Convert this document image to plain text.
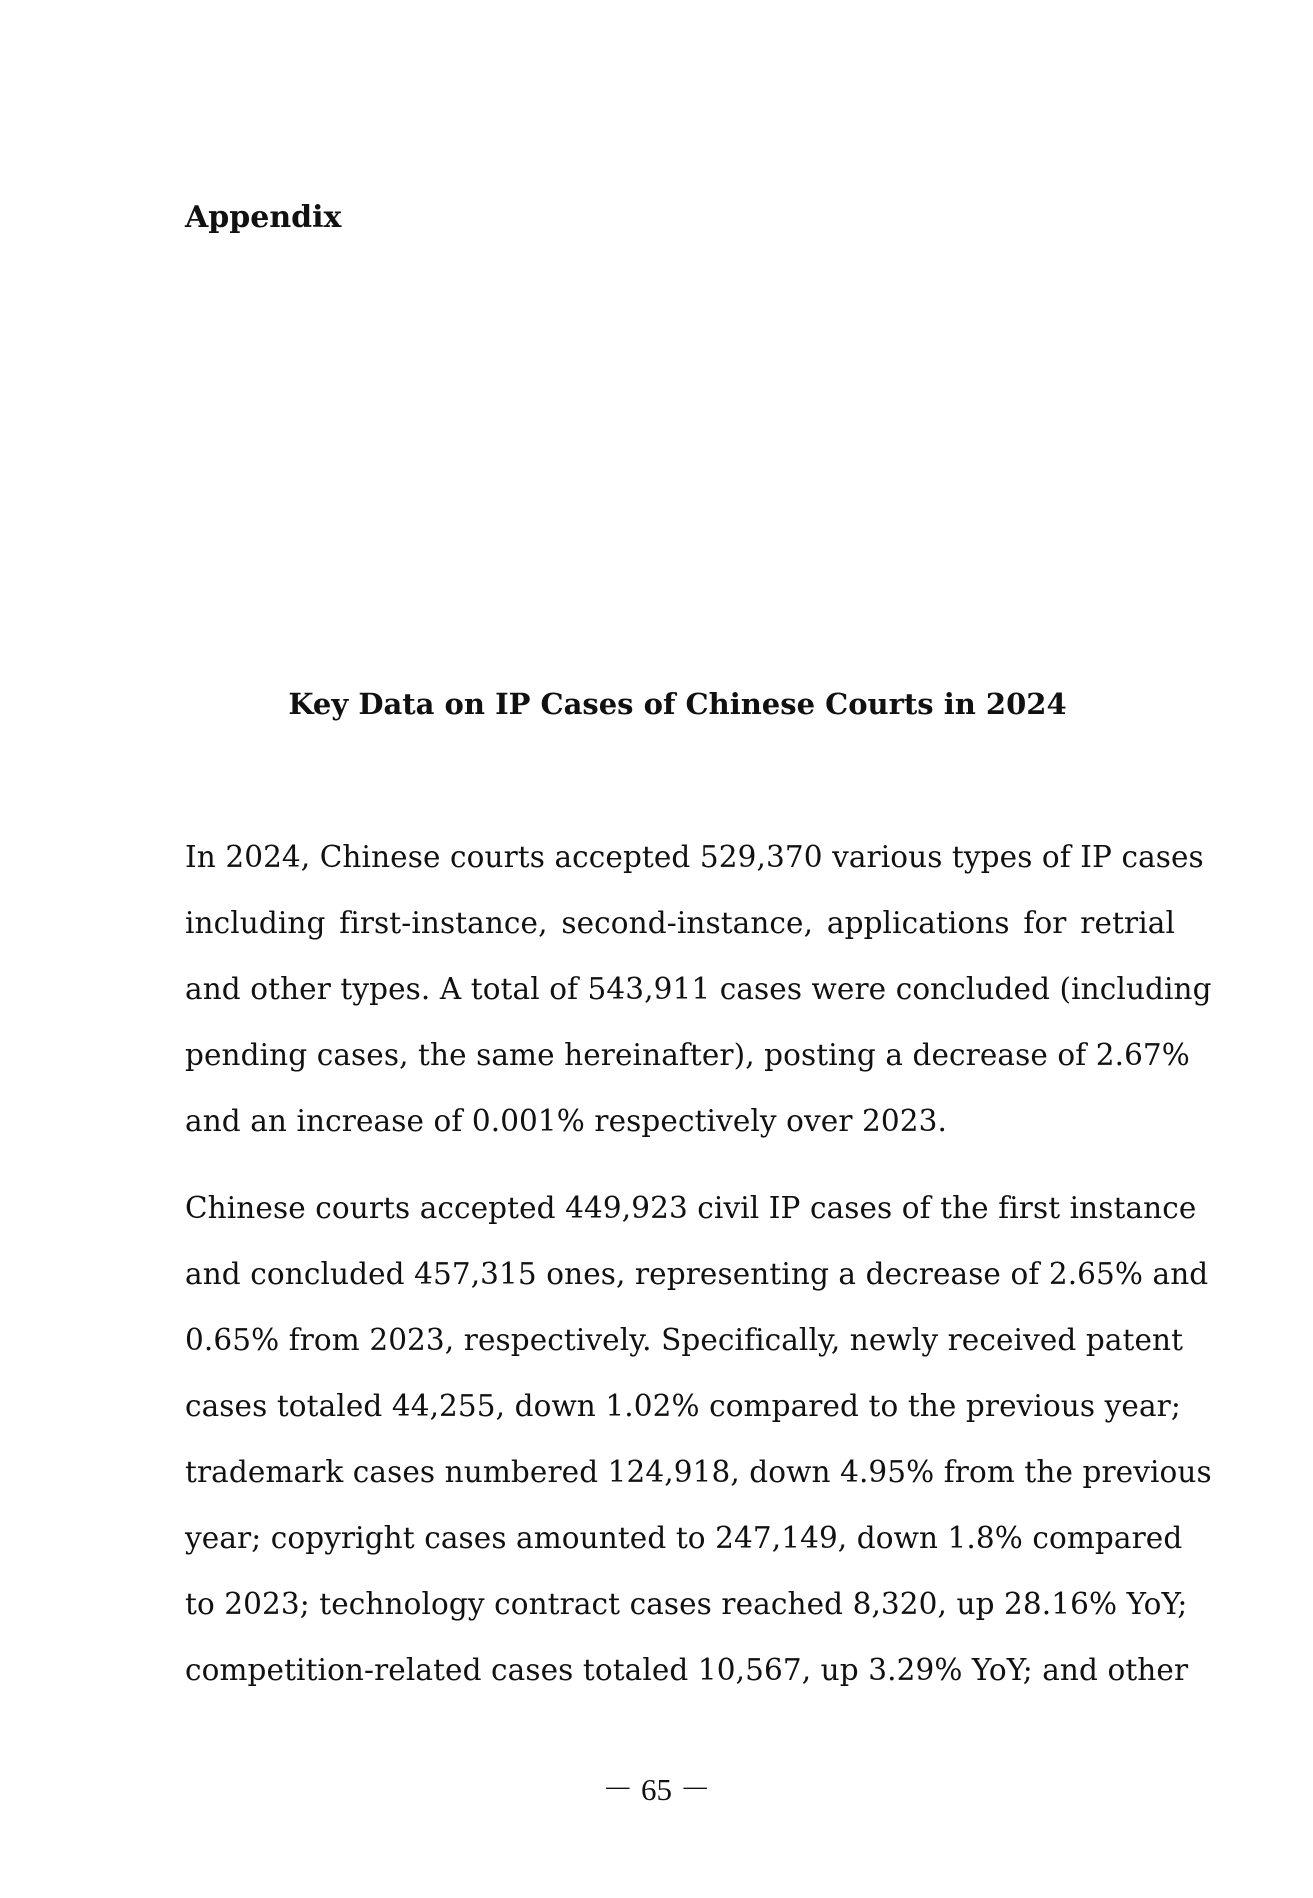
Appendix
Key Data on IP Cases of Chinese Courts in 2024

In 2024, Chinese courts accepted 529,370 various types of IP cases
including first-instance, second-instance, applications for retrial
and other types. A total of 543,911 cases were concluded (including
pending cases, the same hereinafter), posting a decrease of 2.67%
and an increase of 0.001% respectively over 2023.

Chinese courts accepted 449,923 civil IP cases of the first instance
and concluded 457,315 ones, representing a decrease of 2.65% and
0.65% from 2023, respectively. Specifically, newly received patent
cases totaled 44,255, down 1.02% compared to the previous year;
trademark cases numbered 124,918, down 4.95% from the previous
year; copyright cases amounted to 247,149, down 1.8% compared
to 2023; technology contract cases reached 8,320, up 28.16% YoY;
competition-related cases totaled 10,567, up 3.29% YoY; and other

－ 65 －
